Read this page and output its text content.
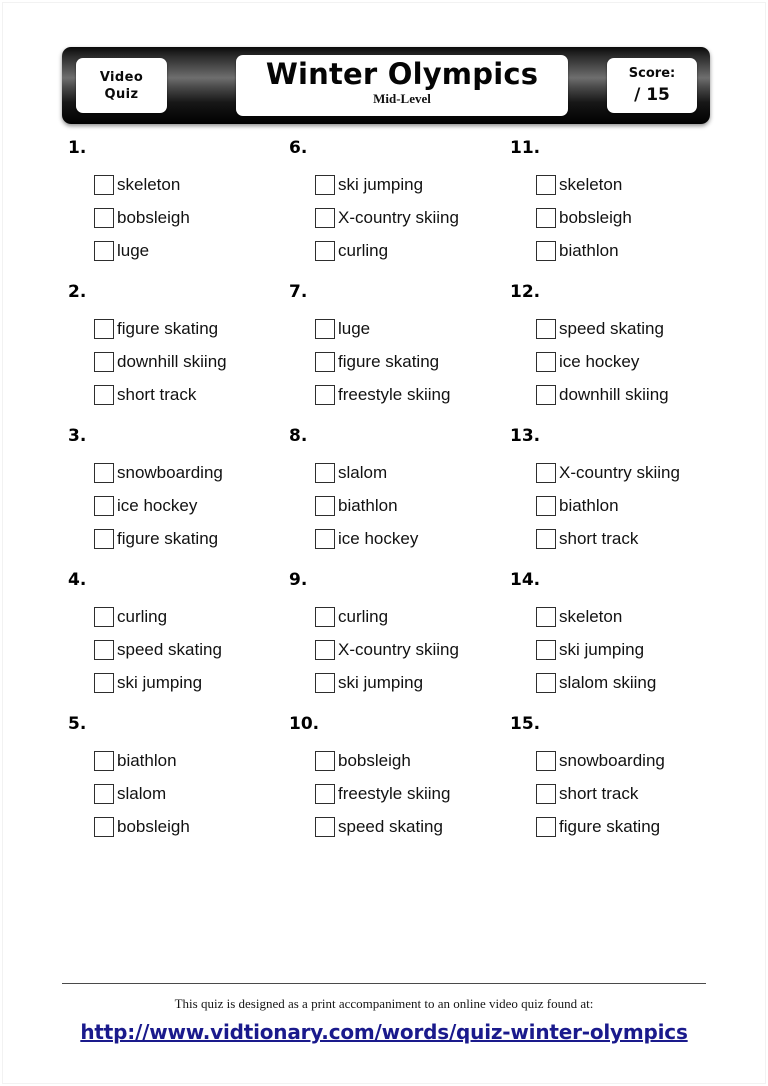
Video
Quiz
Winter Olympics
Mid-Level
Score:
/ 15
1.
skeleton
bobsleigh
luge
2.
figure skating
downhill skiing
short track
3.
snowboarding
ice hockey
figure skating
4.
curling
speed skating
ski jumping
5.
biathlon
slalom
bobsleigh
6.
ski jumping
X-country skiing
curling
7.
luge
figure skating
freestyle skiing
8.
slalom
biathlon
ice hockey
9.
curling
X-country skiing
ski jumping
10.
bobsleigh
freestyle skiing
speed skating
11.
skeleton
bobsleigh
biathlon
12.
speed skating
ice hockey
downhill skiing
13.
X-country skiing
biathlon
short track
14.
skeleton
ski jumping
slalom skiing
15.
snowboarding
short track
figure skating
This quiz is designed as a print accompaniment to an online video quiz found at:
http://www.vidtionary.com/words/quiz-winter-olympics
